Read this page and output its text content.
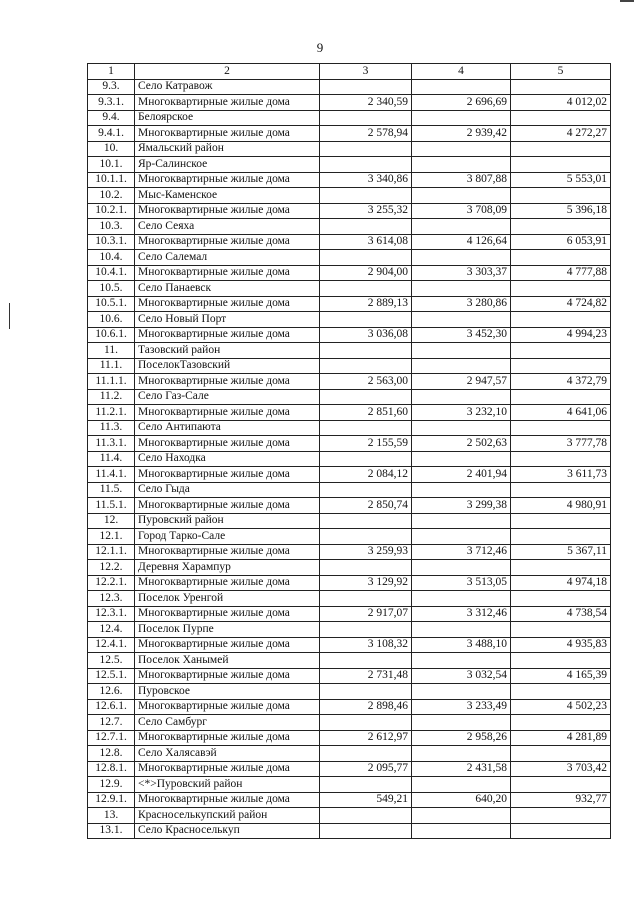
9
1	2	3	4	5
9.3.	Село Катравож			
9.3.1.	Многоквартирные жилые дома	2 340,59	2 696,69	4 012,02
9.4.	Белоярское			
9.4.1.	Многоквартирные жилые дома	2 578,94	2 939,42	4 272,27
10.	Ямальский район			
10.1.	Яр-Салинское			
10.1.1.	Многоквартирные жилые дома	3 340,86	3 807,88	5 553,01
10.2.	Мыс-Каменское			
10.2.1.	Многоквартирные жилые дома	3 255,32	3 708,09	5 396,18
10.3.	Село Сеяха			
10.3.1.	Многоквартирные жилые дома	3 614,08	4 126,64	6 053,91
10.4.	Село Салемал			
10.4.1.	Многоквартирные жилые дома	2 904,00	3 303,37	4 777,88
10.5.	Село Панаевск			
10.5.1.	Многоквартирные жилые дома	2 889,13	3 280,86	4 724,82
10.6.	Село Новый Порт			
10.6.1.	Многоквартирные жилые дома	3 036,08	3 452,30	4 994,23
11.	Тазовский район			
11.1.	ПоселокТазовский			
11.1.1.	Многоквартирные жилые дома	2 563,00	2 947,57	4 372,79
11.2.	Село Газ-Сале			
11.2.1.	Многоквартирные жилые дома	2 851,60	3 232,10	4 641,06
11.3.	Село Антипаюта			
11.3.1.	Многоквартирные жилые дома	2 155,59	2 502,63	3 777,78
11.4.	Село Находка			
11.4.1.	Многоквартирные жилые дома	2 084,12	2 401,94	3 611,73
11.5.	Село Гыда			
11.5.1.	Многоквартирные жилые дома	2 850,74	3 299,38	4 980,91
12.	Пуровский район			
12.1.	Город Тарко-Сале			
12.1.1.	Многоквартирные жилые дома	3 259,93	3 712,46	5 367,11
12.2.	Деревня Харампур			
12.2.1.	Многоквартирные жилые дома	3 129,92	3 513,05	4 974,18
12.3.	Поселок Уренгой			
12.3.1.	Многоквартирные жилые дома	2 917,07	3 312,46	4 738,54
12.4.	Поселок Пурпе			
12.4.1.	Многоквартирные жилые дома	3 108,32	3 488,10	4 935,83
12.5.	Поселок Ханымей			
12.5.1.	Многоквартирные жилые дома	2 731,48	3 032,54	4 165,39
12.6.	Пуровское			
12.6.1.	Многоквартирные жилые дома	2 898,46	3 233,49	4 502,23
12.7.	Село Самбург			
12.7.1.	Многоквартирные жилые дома	2 612,97	2 958,26	4 281,89
12.8.	Село Халясавэй			
12.8.1.	Многоквартирные жилые дома	2 095,77	2 431,58	3 703,42
12.9.	<*>Пуровский район			
12.9.1.	Многоквартирные жилые дома	549,21	640,20	932,77
13.	Красноселькупский район			
13.1.	Село Красноселькуп			
